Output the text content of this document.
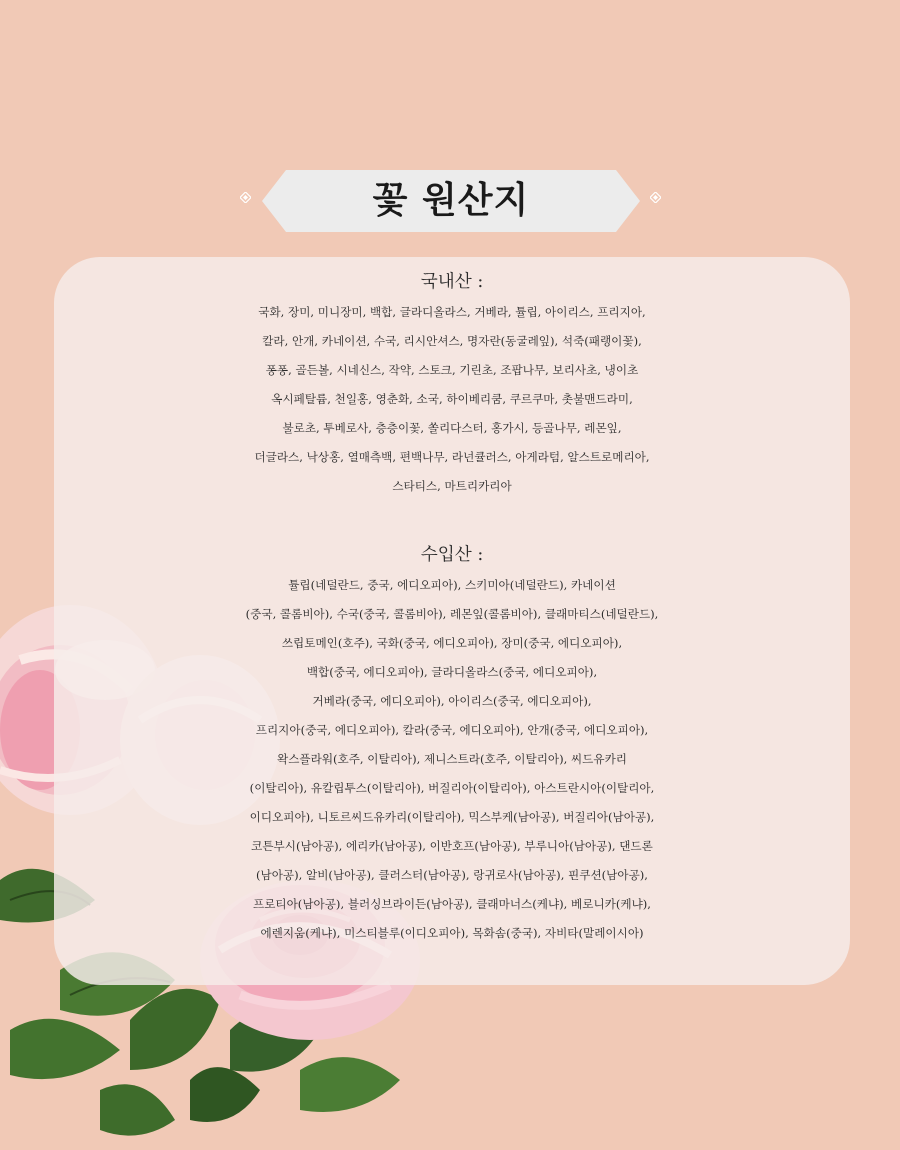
꽃 원산지
국내산 :

국화, 장미, 미니장미, 백합, 글라디올라스, 거베라, 튤립, 아이리스, 프리지아,

칼라, 안개, 카네이션, 수국, 리시안셔스, 명자란(동굴레잎), 석죽(패랭이꽃),

퐁퐁, 골든볼, 시네신스, 작약, 스토크, 기린초, 조팝나무, 보리사초, 냉이초

옥시페탈륨, 천일홍, 영춘화, 소국, 하이베리쿰, 쿠르쿠마, 촛불맨드라미,

불로초, 투베로사, 층층이꽃, 쏠리다스터, 홍가시, 등골나무, 레몬잎,

더글라스, 낙상홍, 열매측백, 편백나무, 라넌큘러스, 아게라텀, 알스트로메리아,

스타티스, 마트리카리아

수입산 :

튤립(네덜란드, 중국, 에디오피아), 스키미아(네덜란드), 카네이션

(중국, 콜롬비아), 수국(중국, 콜롬비아), 레몬잎(콜롬비아), 클래마티스(네덜란드),

쓰립토메인(호주), 국화(중국, 에디오피아), 장미(중국, 에디오피아),

백합(중국, 에디오피아), 글라디올라스(중국, 에디오피아),

거베라(중국, 에디오피아), 아이리스(중국, 에디오피아),

프리지아(중국, 에디오피아), 칼라(중국, 에디오피아), 안개(중국, 에디오피아),

왁스플라워(호주, 이탈리아), 제니스트라(호주, 이탈리아), 씨드유카리

(이탈리아), 유칼립투스(이탈리아), 버질리아(이탈리아), 아스트란시아(이탈리아,

이디오피아), 니토르씨드유카리(이탈리아), 믹스부케(남아공), 버질리아(남아공),

코튼부시(남아공), 에리카(남아공), 이반호프(남아공), 부루니아(남아공), 댄드론

(남아공), 알비(남아공), 클러스터(남아공), 랑귀로사(남아공), 핀쿠션(남아공),

프로티아(남아공), 블러싱브라이든(남아공), 클래마너스(케냐), 베로니카(케냐),

에렌지움(케냐), 미스티블루(이디오피아), 목화솜(중국), 자비타(말레이시아)
